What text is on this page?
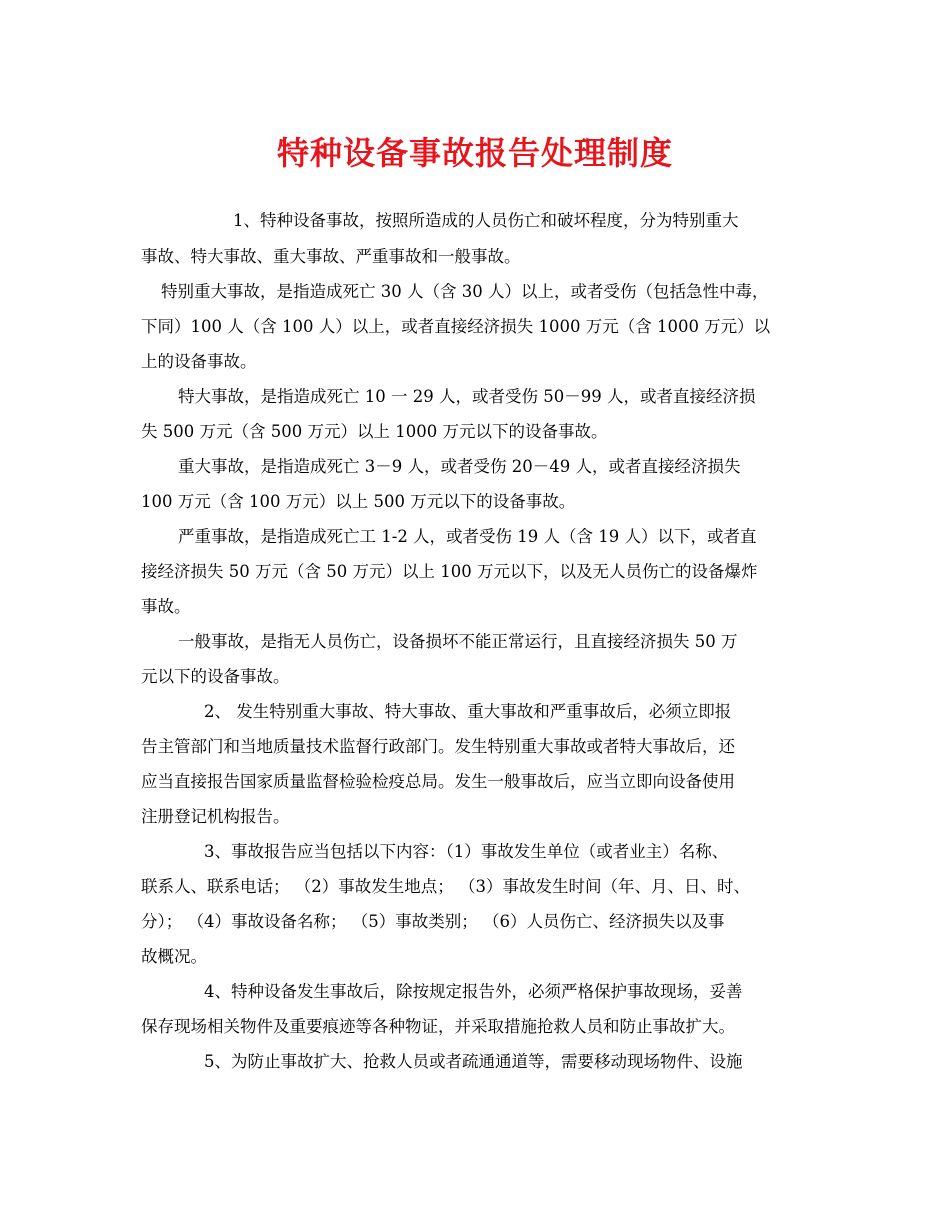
特种设备事故报告处理制度
1、特种设备事故，按照所造成的人员伤亡和破坏程度，分为特别重大
事故、特大事故、重大事故、严重事故和一般事故。
特别重大事故，是指造成死亡 30 人（含 30 人）以上，或者受伤（包括急性中毒，
下同）100 人（含 100 人）以上，或者直接经济损失 1000 万元（含 1000 万元）以
上的设备事故。
特大事故，是指造成死亡 10 一 29 人，或者受伤 50－99 人，或者直接经济损
失 500 万元（含 500 万元）以上 1000 万元以下的设备事故。
重大事故，是指造成死亡 3－9 人，或者受伤 20－49 人，或者直接经济损失
100 万元（含 100 万元）以上 500 万元以下的设备事故。
严重事故，是指造成死亡工 1-2 人，或者受伤 19 人（含 19 人）以下，或者直
接经济损失 50 万元（含 50 万元）以上 100 万元以下，以及无人员伤亡的设备爆炸
事故。
一般事故，是指无人员伤亡，设备损坏不能正常运行，且直接经济损失 50 万
元以下的设备事故。
2、 发生特别重大事故、特大事故、重大事故和严重事故后，必须立即报
告主管部门和当地质量技术监督行政部门。发生特别重大事故或者特大事故后，还
应当直接报告国家质量监督检验检疫总局。发生一般事故后，应当立即向设备使用
注册登记机构报告。
3、事故报告应当包括以下内容：（1）事故发生单位（或者业主）名称、
联系人、联系电话； （2）事故发生地点； （3）事故发生时间（年、月、日、时、
分）； （4）事故设备名称； （5）事故类别； （6）人员伤亡、经济损失以及事
故概况。
4、特种设备发生事故后，除按规定报告外，必须严格保护事故现场，妥善
保存现场相关物件及重要痕迹等各种物证，并采取措施抢救人员和防止事故扩大。
5、为防止事故扩大、抢救人员或者疏通通道等，需要移动现场物件、设施
